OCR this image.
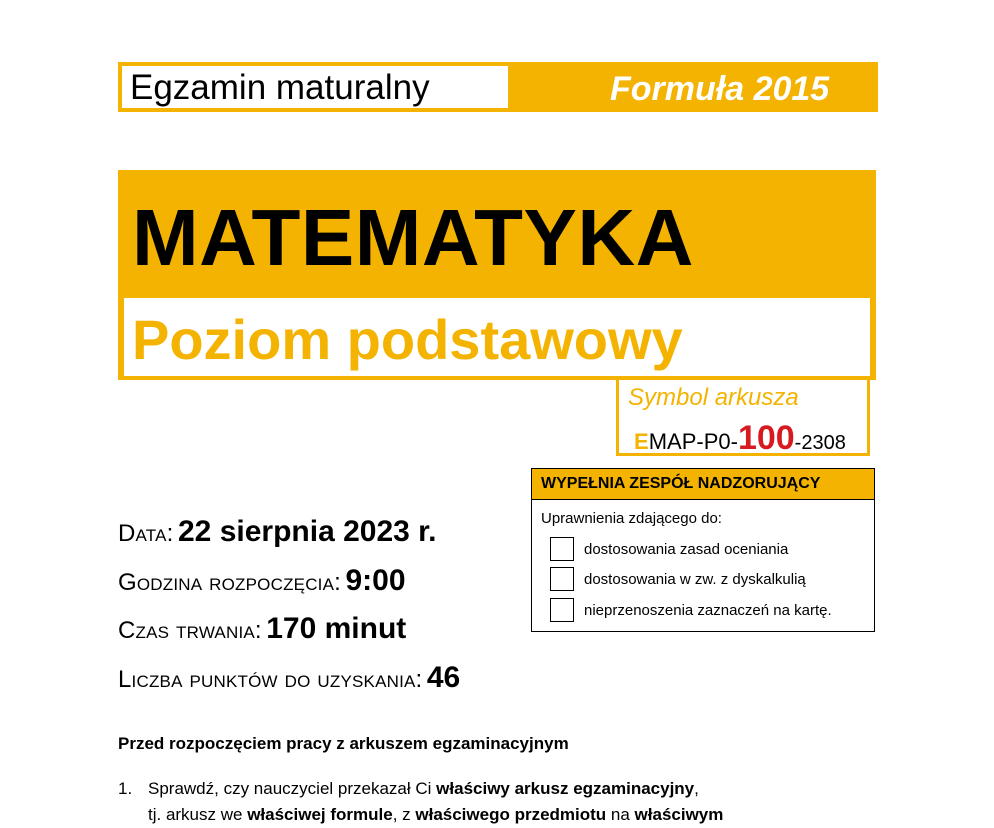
Egzamin maturalny	Formuła 2015
MATEMATYKA
Poziom podstawowy
Symbol arkusza
EMAP-P0-100-2308
WYPEŁNIA ZESPÓŁ NADZORUJĄCY
Uprawnienia zdającego do:
dostosowania zasad oceniania
dostosowania w zw. z dyskalkulią
nieprzenoszenia zaznaczeń na kartę.
Data: 22 sierpnia 2023 r.
Godzina rozpoczęcia: 9:00
Czas trwania: 170 minut
Liczba punktów do uzyskania: 46
Przed rozpoczęciem pracy z arkuszem egzaminacyjnym
1. Sprawdź, czy nauczyciel przekazał Ci właściwy arkusz egzaminacyjny,
tj. arkusz we właściwej formule, z właściwego przedmiotu na właściwym
